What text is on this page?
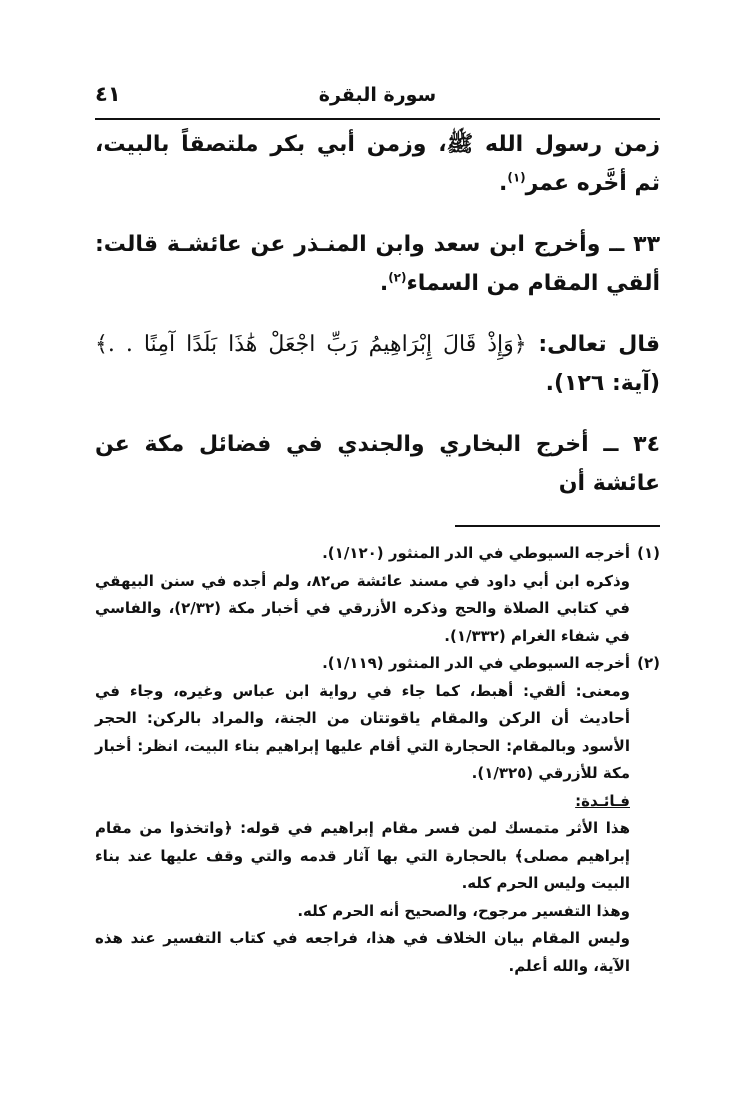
سورة البقرة
٤١

زمن رسول الله ﷺ، وزمن أبي بكر ملتصقاً بالبيت، ثم أخَّره عمر$^{(١)}$.

٣٣ ــ وأخرج ابن سعد وابن المنـذر عن عائشـة قالت: ألقي المقام من السماء$^{(٢)}$.

قال تعالى: ﴿وَإِذْ قَالَ إِبْرَاهِيمُ رَبِّ اجْعَلْ هَٰذَا بَلَدًا آمِنًا . .﴾ (آية: ١٢٦).

٣٤ ــ أخرج البخاري والجندي في فضائل مكة عن عائشة أن

(١)

أخرجه السيوطي في الدر المنثور (١/١٢٠).

وذكره ابن أبي داود في مسند عائشة ص٨٢، ولم أجده في سنن البيهقي في كتابي الصلاة والحج وذكره الأزرقي في أخبار مكة (٢/٣٢)، والفاسي في شفاء الغرام (١/٣٣٢).

(٢)

أخرجه السيوطي في الدر المنثور (١/١١٩).

ومعنى: ألقي: أهبط، كما جاء في رواية ابن عباس وغيره، وجاء في أحاديث أن الركن والمقام ياقوتتان من الجنة، والمراد بالركن: الحجر الأسود وبالمقام: الحجارة التي أقام عليها إبراهيم بناء البيت، انظر: أخبار مكة للأزرقي (١/٣٢٥).

فـائـدة:

هذا الأثر متمسك لمن فسر مقام إبراهيم في قوله: ﴿واتخذوا من مقام إبراهيم مصلى﴾ بالحجارة التي بها آثار قدمه والتي وقف عليها عند بناء البيت وليس الحرم كله.

وهذا التفسير مرجوح، والصحيح أنه الحرم كله.

وليس المقام بيان الخلاف في هذا، فراجعه في كتاب التفسير عند هذه الآية، والله أعلم.
